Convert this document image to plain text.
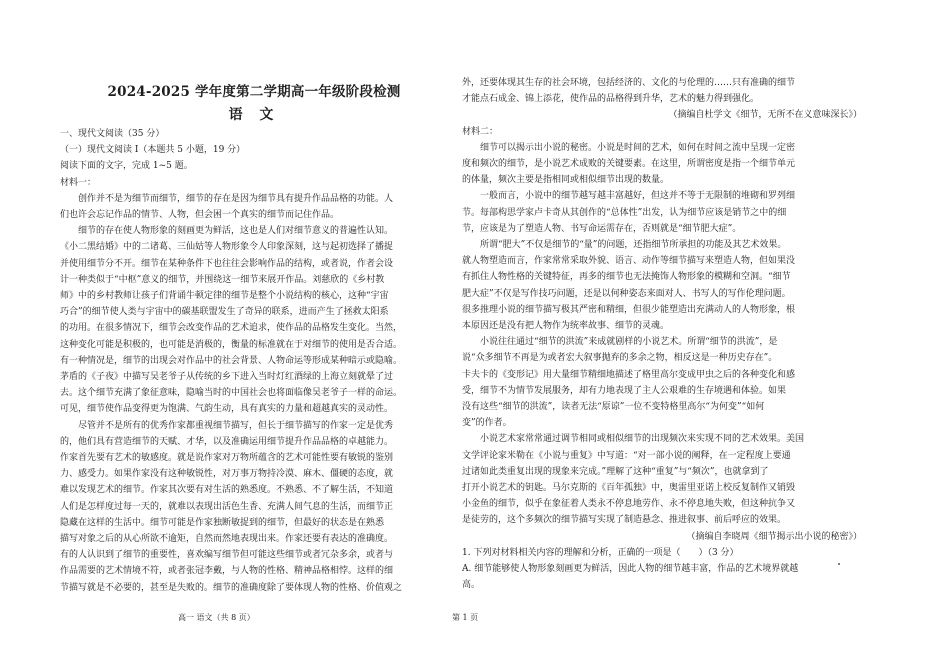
2024-2025 学年度第二学期高一年级阶段检测
语 文
一、现代文阅读（35 分）
（一）现代文阅读 I（本题共 5 小题，19 分）
阅读下面的文字，完成 1~5 题。
材料一：
创作并不是为细节而细节，细节的存在是因为细节具有提升作品品格的功能。人
们也许会忘记作品的情节、人物，但会困一个真实的细节而记住作品。
细节的存在使人物形象的刻画更为鲜活，这也是人们对细节意义的普遍性认知。
《小二黑结婚》中的二诸葛、三仙姑等人物形象令人印象深刻，这与起初选择了播捉
并使用细节分不开。细节在某种条件下也往往会影响作品的结构，或者说，作者会设
计一种类似于“中枢”意义的细节，并围绕这一细节来展开作品。刘慈欣的《乡村教
师》中的乡村教师让孩子们背诵牛顿定律的细节是整个小说结构的核心，这种“宇宙
巧合”的细节使人类与宇宙中的碳基联盟发生了奇异的联系，进而产生了拯救太阳系
的功用。在很多情况下，细节会改变作品的艺术追求，使作品的品格发生变化。当然，
这种变化可能是积极的，也可能是消极的，衡量的标准就在于对细节的使用是否合适。
有一种情况是，细节的出现会对作品中的社会背景、人物命运等形成某种暗示或隐喻。
茅盾的《子夜》中描写吴老爷子从传统的乡下进入当时灯红酒绿的上海立刻就晕了过
去。这个细节充满了象征意味，隐喻当时的中国社会也将面临像吴老爷子一样的命运。
可见，细节使作品变得更为饱满、气韵生动，具有真实的力量和超越真实的灵动性。
尽管并不是所有的优秀作家都重视细节描写，但长于细节描写的作家一定是优秀
的，他们具有营造细节的天赋、才华，以及准确运用细节提升作品品格的卓越能力。
作家首先要有艺术的敏感度。就是说作家对万物所蕴含的艺术可能性要有敏锐的鉴别
力、感受力。如果作家没有这种敏锐性，对万事万物持冷漠、麻木、僵硬的态度，就
难以发现艺术的细节。作家其次要有对生活的熟悉度。不熟悉、不了解生活，不知道
人们是怎样度过每一天的，就难以表现出活色生香、充满人间气息的生活，而细节正
隐藏在这样的生活中。细节可能是作家独断敏捉到的细节，但最好的状态是在熟悉
描写对象之后的从心所欲不逾矩，自然而然地表现出来。作家还要有表达的准确度。
有的人认识到了细节的重要性，喜欢编写细节但可能这些细节或者冗杂多余，或者与
作品需要的艺术情境不符，或者张冠李戴，与人物的性格、精神品格相悖。这样的细
节描写就是不必要的，甚至是失败的。细节的准确度除了要体现人物的性格、价值观之
外，还要体现其生存的社会环境，包括经济的、文化的与伦理的……只有准确的细节
才能点石成金、锦上添花，使作品的品格得到升华，艺术的魅力得到强化。
（摘编自杜学文《细节，无所不在义意味深长》）
材料二：
细节可以揭示出小说的秘密。小说是时间的艺术，如何在时间之流中呈现一定密
度和频次的细节，是小说艺术成败的关键要素。在这里，所谓密度是指一个细节单元
的体量，频次主要是指相同或相似细节出现的数量。
一般而言，小说中的细节越写越丰富越好，但这并不等于无限制的堆砌和罗列细
节。每部构思学家卢卡奇从其创作的“总体性”出发，认为细节应该是销节之中的细
节，应该是为了塑造人物、书写命运需存在，否则就是“细节肥大症”。
所谓“肥大”不仅是细节的“量”的问题，还指细节所承担的功能及其艺术效果。
就人物塑造而言，作家常常采取外貌、语言、动作等细节描写来塑造人物，但如果没
有抓住人物性格的关键特征，再多的细节也无法掩饰人物形象的模糊和空洞。“细节
肥大症”不仅是写作技巧问题，还是以何种姿态来面对人、书写人的写作伦理问题。
很多推理小说的细节描写极其严密和精细，但很少能塑造出充满动人的人物形象，根
本原因还是没有把人物作为统率故事、细节的灵魂。
小说往往通过“细节的洪流”来成就剧样的小说艺术。所谓“细节的洪流”，是
说“众多细节不再是为或者宏大叙事抛弃的多余之物，相反这是一种历史存在”。
卡夫卡的《变形记》用大量细节精细地描述了格里高尔变成甲虫之后的各种变化和感
受，细节不为情节发展服务，却有力地表现了主人公艰难的生存境遇和体验。如果
没有这些“细节的洪流”，读者无法“原谅”一位不变特格里高尔“为何变”“如何
变”的作者。
小说艺术家常常通过调节相同或相似细节的出现频次来实现不同的艺术效果。美国
文学评论家米勒在《小说与重复》中写道：“对一部小说的阐释，在一定程度上要通
过诸如此类重复出现的现象来完成。”理解了这种“重复”与“频次”，也就拿到了
打开小说艺术的钥匙。马尔克斯的《百年孤独》中，奥雷里亚诺上校反复制作又销毁
小金鱼的细节，似乎在象征着人类永不停息地劳作、永不停息地失败，但这种抗争又
是徒劳的，这个多频次的细节描写实现了制造悬念、推进叙事、前后呼应的效果。
（摘编自李晓周《细节揭示出小说的秘密》）
1. 下列对材料相关内容的理解和分析，正确的一项是（　　）（3 分）
A. 细节能够使人物形象刻画更为鲜活，因此人物的细节越丰富，作品的艺术境界就越
高。
高一 语文（共 8 页）	第 1 页
